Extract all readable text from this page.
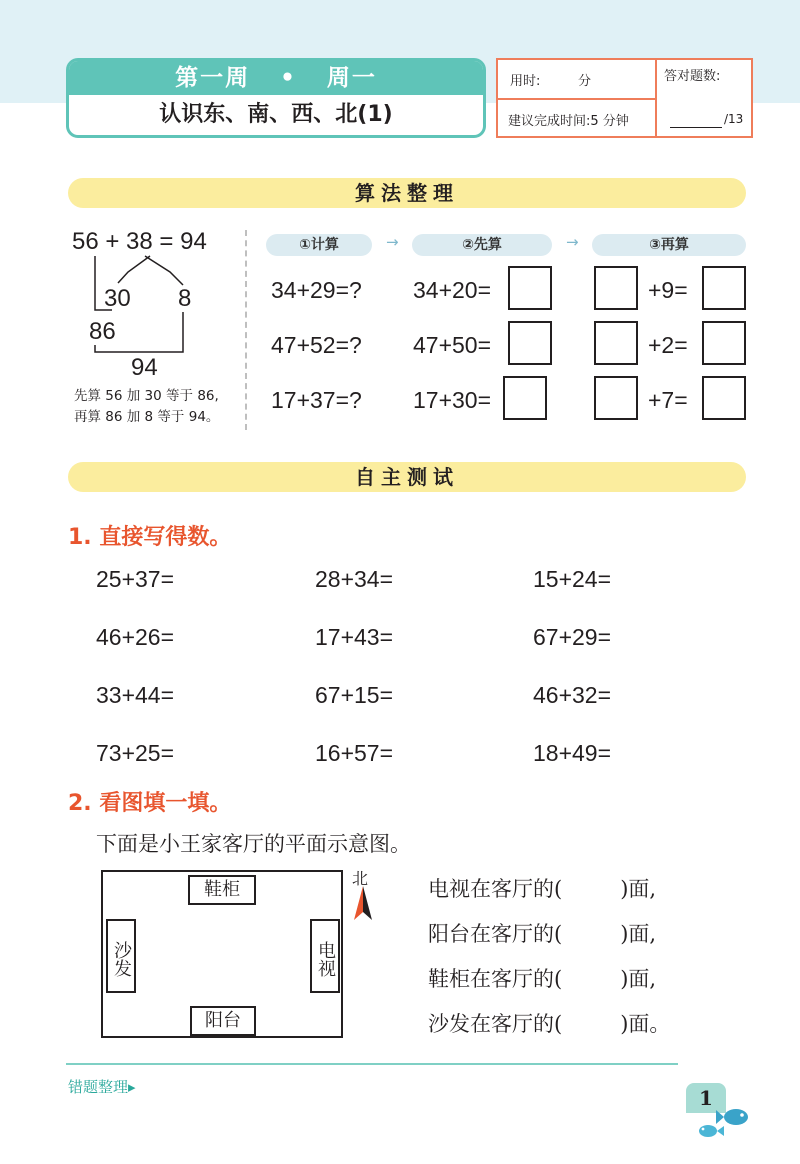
第一周 • 周一
认识东、南、西、北(1)
用时:	分
建议完成时间:5 分钟
答对题数:
/13
算法整理
56 + 38 = 94
30 8
86
94
先算 56 加 30 等于 86,
再算 86 加 8 等于 94。
①计算	→	②先算	→	③再算
34+29=? 34+20=	+9=
47+52=? 47+50=	+2=
17+37=? 17+30=	+7=
自主测试
1. 直接写得数。
25+37=	28+34=	15+24=
46+26=	17+43=	67+29=
33+44=	67+15=	46+32=
73+25=	16+57=	18+49=
2. 看图填一填。
下面是小王家客厅的平面示意图。
鞋柜
沙发	电视
阳台
北	电视在客厅的(	)面,
阳台在客厅的(	)面,
鞋柜在客厅的(	)面,
沙发在客厅的(	)面。
错题整理▸	1
